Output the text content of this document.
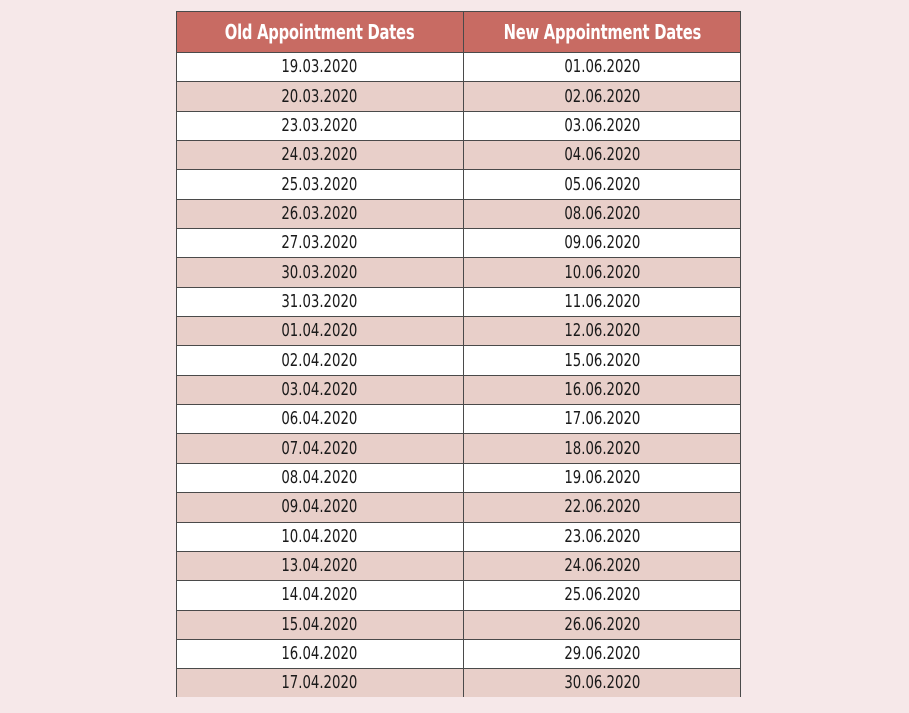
Old Appointment Dates	New Appointment Dates
19.03.2020	01.06.2020
20.03.2020	02.06.2020
23.03.2020	03.06.2020
24.03.2020	04.06.2020
25.03.2020	05.06.2020
26.03.2020	08.06.2020
27.03.2020	09.06.2020
30.03.2020	10.06.2020
31.03.2020	11.06.2020
01.04.2020	12.06.2020
02.04.2020	15.06.2020
03.04.2020	16.06.2020
06.04.2020	17.06.2020
07.04.2020	18.06.2020
08.04.2020	19.06.2020
09.04.2020	22.06.2020
10.04.2020	23.06.2020
13.04.2020	24.06.2020
14.04.2020	25.06.2020
15.04.2020	26.06.2020
16.04.2020	29.06.2020
17.04.2020	30.06.2020
